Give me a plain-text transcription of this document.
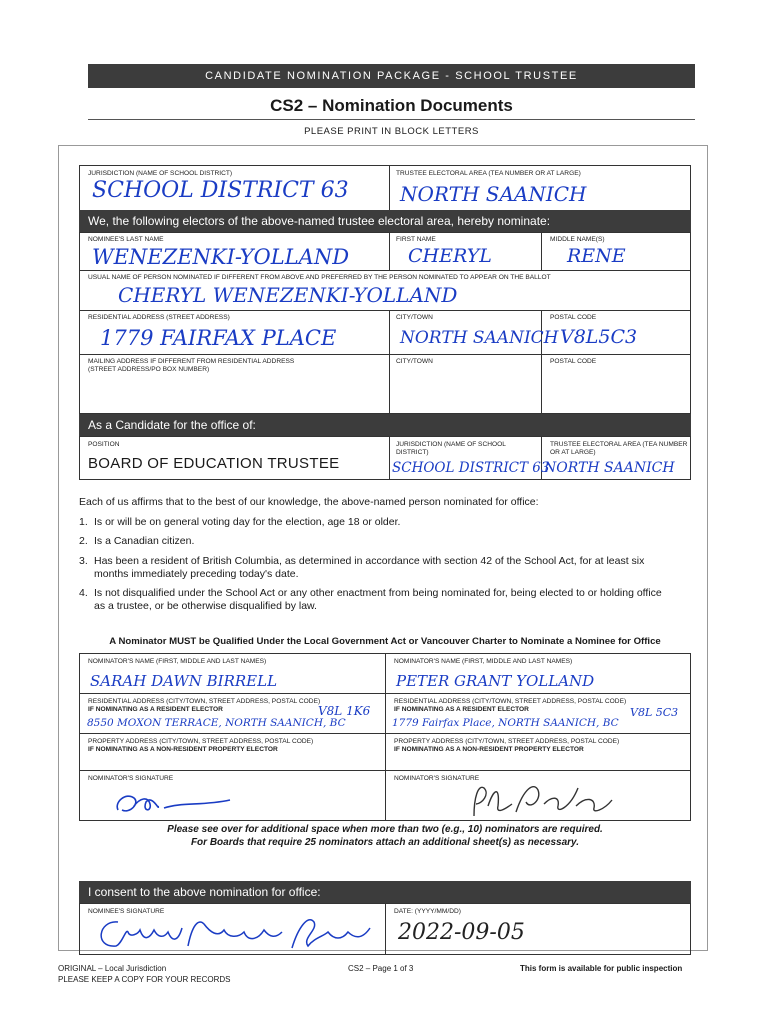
CANDIDATE NOMINATION PACKAGE - SCHOOL TRUSTEE
CS2 – Nomination Documents
PLEASE PRINT IN BLOCK LETTERS
JURISDICTION (NAME OF SCHOOL DISTRICT)
SCHOOL DISTRICT 63
TRUSTEE ELECTORAL AREA (TEA NUMBER OR AT LARGE)
NORTH SAANICH
We, the following electors of the above-named trustee electoral area, hereby nominate:
NOMINEE'S LAST NAME
WENEZENKI-YOLLAND
FIRST NAME
CHERYL
MIDDLE NAME(S)
RENE
USUAL NAME OF PERSON NOMINATED IF DIFFERENT FROM ABOVE AND PREFERRED BY THE PERSON NOMINATED TO APPEAR ON THE BALLOT
CHERYL WENEZENKI-YOLLAND
RESIDENTIAL ADDRESS (STREET ADDRESS)
1779 FAIRFAX PLACE
CITY/TOWN
NORTH SAANICH
POSTAL CODE
V8L5C3
MAILING ADDRESS IF DIFFERENT FROM RESIDENTIAL ADDRESS (STREET ADDRESS/PO BOX NUMBER)
CITY/TOWN	POSTAL CODE
As a Candidate for the office of:
POSITION
BOARD OF EDUCATION TRUSTEE
JURISDICTION (NAME OF SCHOOL DISTRICT)
SCHOOL DISTRICT 63
TRUSTEE ELECTORAL AREA (TEA NUMBER OR AT LARGE)
NORTH SAANICH
Each of us affirms that to the best of our knowledge, the above-named person nominated for office:
1. Is or will be on general voting day for the election, age 18 or older.
2. Is a Canadian citizen.
3. Has been a resident of British Columbia, as determined in accordance with section 42 of the School Act, for at least six months immediately preceding today's date.
4. Is not disqualified under the School Act or any other enactment from being nominated for, being elected to or holding office as a trustee, or be otherwise disqualified by law.
A Nominator MUST be Qualified Under the Local Government Act or Vancouver Charter to Nominate a Nominee for Office
NOMINATOR'S NAME (FIRST, MIDDLE AND LAST NAMES)
SARAH DAWN BIRRELL
RESIDENTIAL ADDRESS (CITY/TOWN, STREET ADDRESS, POSTAL CODE)
IF NOMINATING AS A RESIDENT ELECTOR	V8L 1K6
8550 MOXON TERRACE, NORTH SAANICH, BC
PROPERTY ADDRESS (CITY/TOWN, STREET ADDRESS, POSTAL CODE)
IF NOMINATING AS A NON-RESIDENT PROPERTY ELECTOR
NOMINATOR'S SIGNATURE
NOMINATOR'S NAME (FIRST, MIDDLE AND LAST NAMES)
PETER GRANT YOLLAND
RESIDENTIAL ADDRESS (CITY/TOWN, STREET ADDRESS, POSTAL CODE)
IF NOMINATING AS A RESIDENT ELECTOR	V8L 5C3
1779 Fairfax Place, NORTH SAANICH, BC
PROPERTY ADDRESS (CITY/TOWN, STREET ADDRESS, POSTAL CODE)
IF NOMINATING AS A NON-RESIDENT PROPERTY ELECTOR
NOMINATOR'S SIGNATURE
Please see over for additional space when more than two (e.g., 10) nominators are required.
For Boards that require 25 nominators attach an additional sheet(s) as necessary.
I consent to the above nomination for office:
NOMINEE'S SIGNATURE	DATE: (YYYY/MM/DD)
2022-09-05
ORIGINAL – Local Jurisdiction
PLEASE KEEP A COPY FOR YOUR RECORDS
CS2 – Page 1 of 3	This form is available for public inspection
